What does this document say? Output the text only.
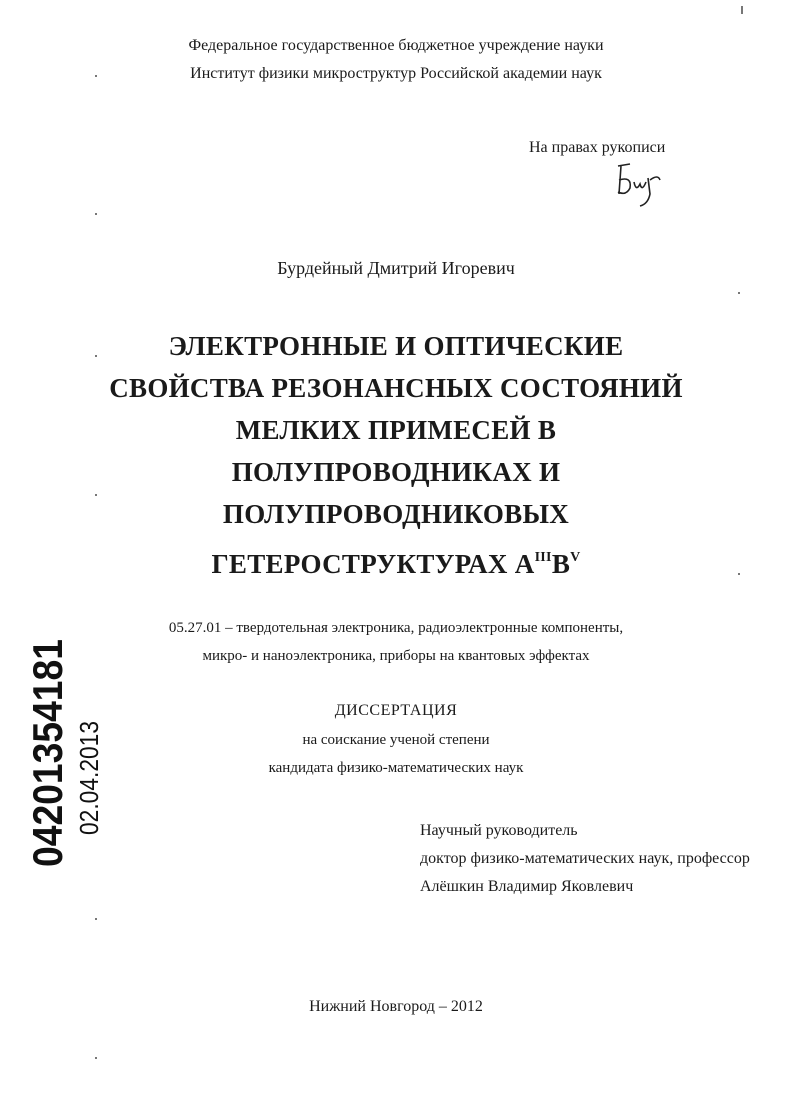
Федеральное государственное бюджетное учреждение науки
Институт физики микроструктур Российской академии наук
На правах рукописи
Бурдейный Дмитрий Игоревич
ЭЛЕКТРОННЫЕ И ОПТИЧЕСКИЕ
СВОЙСТВА РЕЗОНАНСНЫХ СОСТОЯНИЙ
МЕЛКИХ ПРИМЕСЕЙ В
ПОЛУПРОВОДНИКАХ И
ПОЛУПРОВОДНИКОВЫХ
ГЕТЕРОСТРУКТУРАХ $A^{III}B^V$
05.27.01 – твердотельная электроника, радиоэлектронные компоненты,
микро- и наноэлектроника, приборы на квантовых эффектах
ДИССЕРТАЦИЯ
на соискание ученой степени
кандидата физико-математических наук
Научный руководитель
доктор физико-математических наук, профессор
Алёшкин Владимир Яковлевич
Нижний Новгород – 2012
04201354181 02.04.2013
